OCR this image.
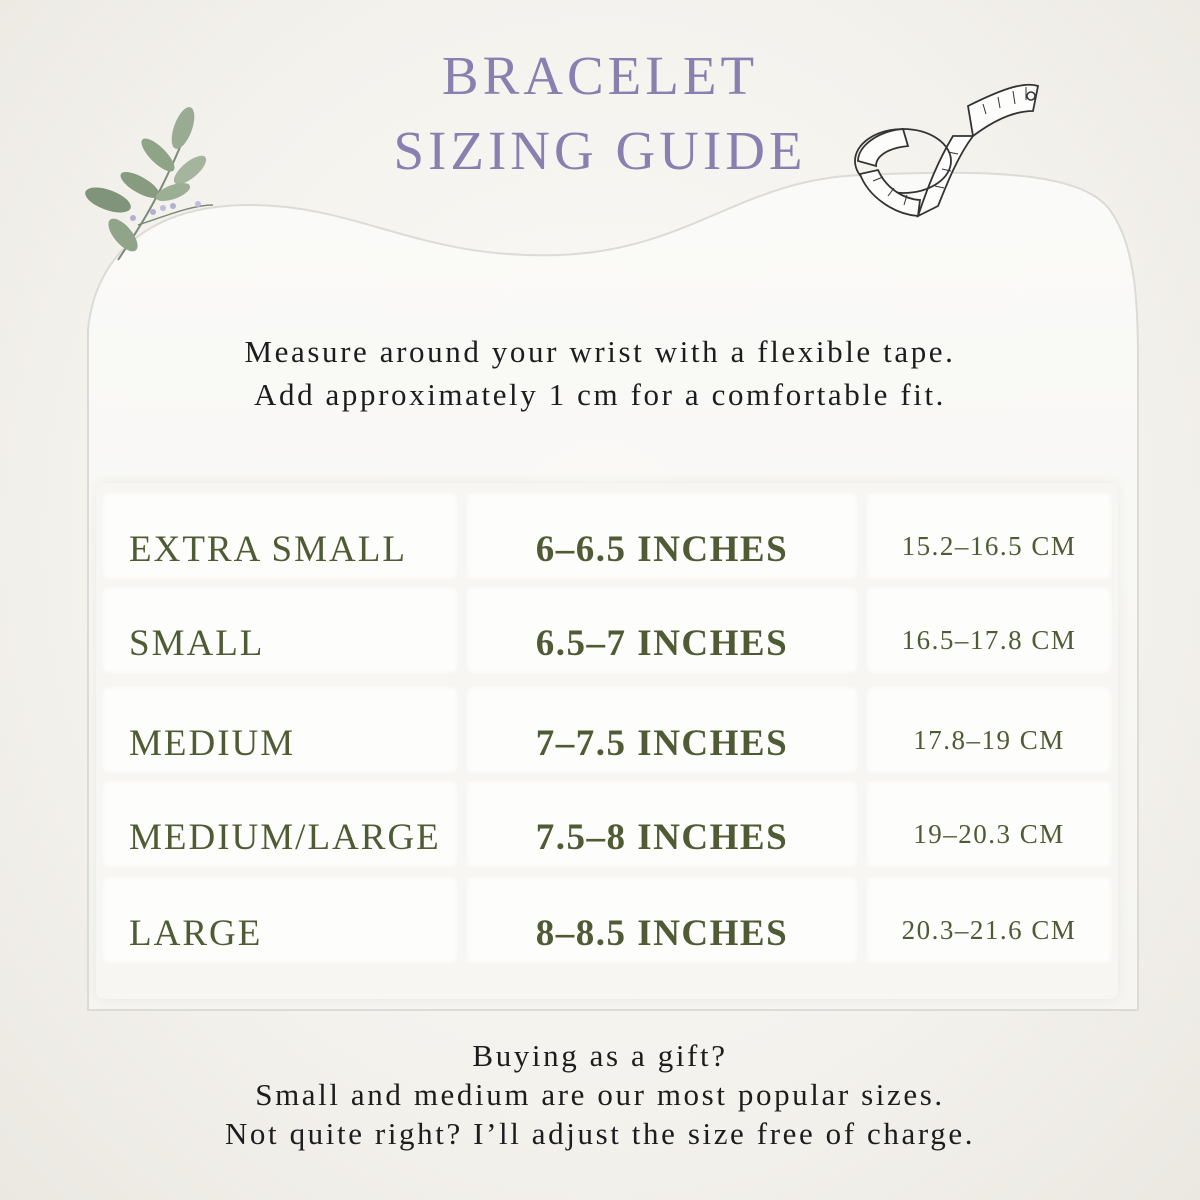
BRACELET
SIZING GUIDE
Measure around your wrist with a flexible tape.
Add approximately 1 cm for a comfortable fit.
EXTRA SMALL	6–6.5 INCHES	15.2–16.5 CM
SMALL	6.5–7 INCHES	16.5–17.8 CM
MEDIUM	7–7.5 INCHES	17.8–19 CM
MEDIUM/LARGE	7.5–8 INCHES	19–20.3 CM
LARGE	8–8.5 INCHES	20.3–21.6 CM
Buying as a gift?
Small and medium are our most popular sizes.
Not quite right? I’ll adjust the size free of charge.
